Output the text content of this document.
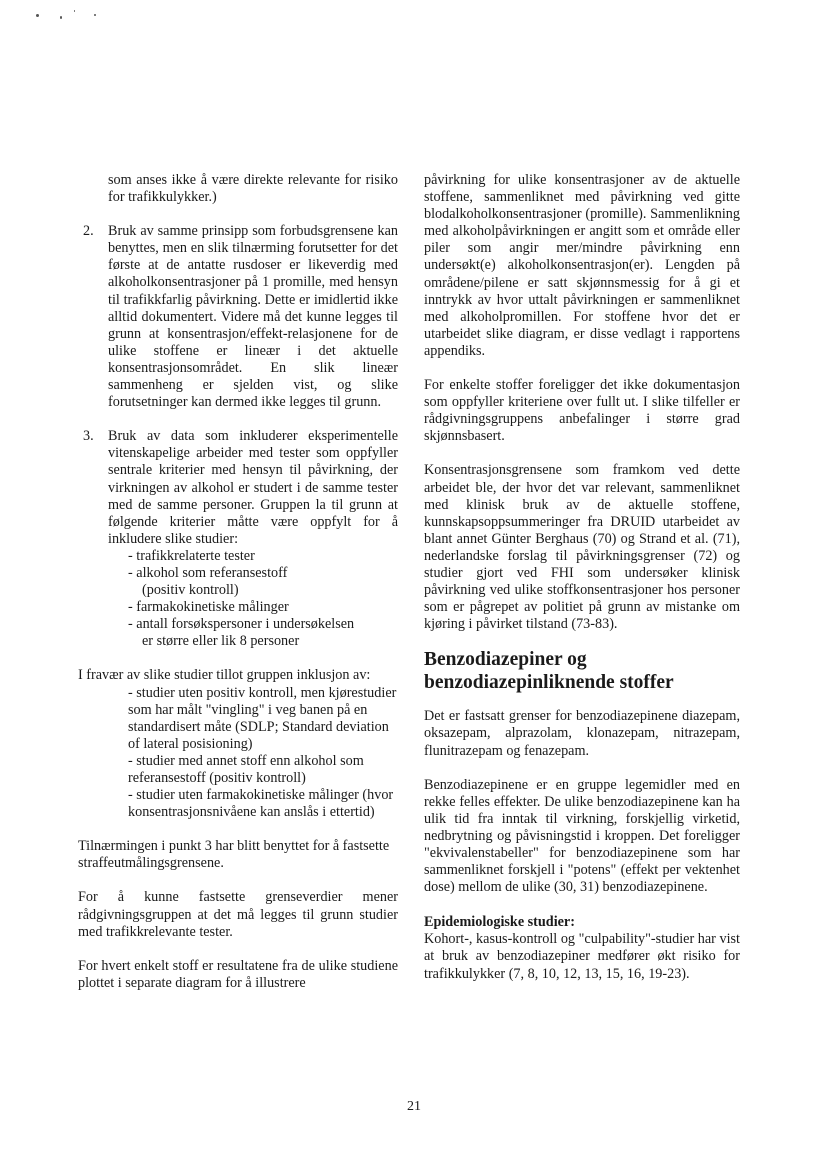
som anses ikke å være direkte relevante for risiko for trafikkulykker.)

2. Bruk av samme prinsipp som forbudsgrensene kan benyttes, men en slik tilnærming forutsetter for det første at de antatte rusdoser er likeverdig med alkoholkonsentrasjoner på 1 promille, med hensyn til trafikkfarlig påvirkning. Dette er imidlertid ikke alltid dokumentert. Videre må det kunne legges til grunn at konsentrasjon/effekt-relasjonene for de ulike stoffene er lineær i det aktuelle konsentrasjonsområdet. En slik lineær sammenheng er sjelden vist, og slike forutsetninger kan dermed ikke legges til grunn.
3. Bruk av data som inkluderer eksperimentelle vitenskapelige arbeider med tester som oppfyller sentrale kriterier med hensyn til påvirkning, der virkningen av alkohol er studert i de samme tester med de samme personer. Gruppen la til grunn at følgende kriterier måtte være oppfylt for å inkludere slike studier:
- trafikkrelaterte tester
- alkohol som referansestoff
(positiv kontroll)
- farmakokinetiske målinger
- antall forsøkspersoner i undersøkelsen
er større eller lik 8 personer

I fravær av slike studier tillot gruppen inklusjon av:

- studier uten positiv kontroll, men kjørestudier som har målt "vingling" i veg banen på en standardisert måte (SDLP; Standard deviation of lateral posisioning)
- studier med annet stoff enn alkohol som referansestoff (positiv kontroll)
- studier uten farmakokinetiske målinger (hvor konsentrasjonsnivåene kan anslås i ettertid)

Tilnærmingen i punkt 3 har blitt benyttet for å fastsette straffeutmålingsgrensene.

For å kunne fastsette grenseverdier mener rådgivningsgruppen at det må legges til grunn studier med trafikkrelevante tester.

For hvert enkelt stoff er resultatene fra de ulike studiene plottet i separate diagram for å illustrere

påvirkning for ulike konsentrasjoner av de aktuelle stoffene, sammenliknet med påvirkning ved gitte blodalkoholkonsentrasjoner (promille). Sammenlikning med alkoholpåvirkningen er angitt som et område eller piler som angir mer/mindre påvirkning enn undersøkt(e) alkoholkonsentrasjon(er). Lengden på områdene/pilene er satt skjønnsmessig for å gi et inntrykk av hvor uttalt påvirkningen er sammenliknet med alkoholpromillen. For stoffene hvor det er utarbeidet slike diagram, er disse vedlagt i rapportens appendiks.

For enkelte stoffer foreligger det ikke dokumentasjon som oppfyller kriteriene over fullt ut. I slike tilfeller er rådgivningsgruppens anbefalinger i større grad skjønnsbasert.

Konsentrasjonsgrensene som framkom ved dette arbeidet ble, der hvor det var relevant, sammenliknet med klinisk bruk av de aktuelle stoffene, kunnskapsoppsummeringer fra DRUID utarbeidet av blant annet Günter Berghaus (70) og Strand et al. (71), nederlandske forslag til påvirkningsgrenser (72) og studier gjort ved FHI som undersøker klinisk påvirkning ved ulike stoffkonsentrasjoner hos personer som er pågrepet av politiet på grunn av mistanke om kjøring i påvirket tilstand (73-83).

Benzodiazepiner og benzodiazepinliknende stoffer

Det er fastsatt grenser for benzodiazepinene diazepam, oksazepam, alprazolam, klonazepam, nitrazepam, flunitrazepam og fenazepam.

Benzodiazepinene er en gruppe legemidler med en rekke felles effekter. De ulike benzodiazepinene kan ha ulik tid fra inntak til virkning, forskjellig virketid, nedbrytning og påvisningstid i kroppen. Det foreligger "ekvivalenstabeller" for benzodiazepinene som har sammenliknet forskjell i "potens" (effekt per vektenhet dose) mellom de ulike (30, 31) benzodiazepinene.

Epidemiologiske studier:

Kohort-, kasus-kontroll og "culpability"-studier har vist at bruk av benzodiazepiner medfører økt risiko for trafikkulykker (7, 8, 10, 12, 13, 15, 16, 19-23).

21
